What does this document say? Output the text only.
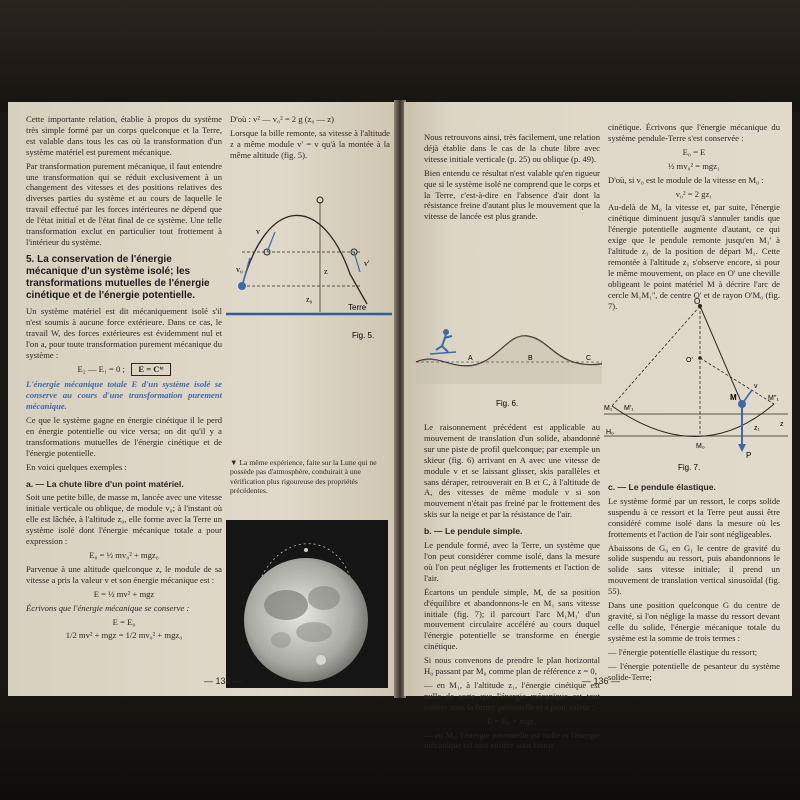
Cette importante relation, établie à propos du système très simple formé par un corps quelconque et la Terre, est valable dans tous les cas où la transformation d'un système matériel est purement mécanique.

Par transformation purement mécanique, il faut entendre une transformation qui se réduit exclusivement à un changement des vitesses et des positions relatives des diverses parties du système et au cours de laquelle le travail effectué par les forces intérieures ne dépend que de l'état initial et de l'état final de ce système. Une telle transformation exclut en particulier tout frottement à l'intérieur du système.

5. La conservation de l'énergie mécanique d'un système isolé; les transformations mutuelles de l'énergie cinétique et de l'énergie potentielle.

Un système matériel est dit mécaniquement isolé s'il n'est soumis à aucune force extérieure. Dans ce cas, le travail W, des forces extérieures est évidemment nul et l'on a, pour toute transformation purement mécanique du système :

E₂ — E₁ = 0 ; E = Cᵗᵉ

L'énergie mécanique totale E d'un système isolé se conserve au cours d'une transformation purement mécanique.

Ce que le système gagne en énergie cinétique il le perd en énergie potentielle ou vice versa; on dit qu'il y a transformations mutuelles de l'énergie cinétique et de l'énergie potentielle.

En voici quelques exemples :

a. — La chute libre d'un point matériel.

Soit une petite bille, de masse m, lancée avec une vitesse initiale verticale ou oblique, de module v₀; à l'instant où elle est lâchée, à l'altitude z₀, elle forme avec la Terre un système isolé dont l'énergie mécanique totale a pour expression :

E₀ = ½ mv₀² + mgz₀

Parvenue à une altitude quelconque z, le module de sa vitesse a pris la valeur v et son énergie mécanique est :

E = ½ mv² + mgz

Écrivons que l'énergie mécanique se conserve :

E = E₀

1/2 mv² + mgz = 1/2 mv₀² + mgz₀

D'où : v² — v₀² = 2 g (z₀ — z)

Lorsque la bille remonte, sa vitesse à l'altitude z a même module v' = v qu'à la montée à la même altitude (fig. 5).

v₀
v
v'
z
z₀
Terre
Fig. 5.
▼ La même expérience, faite sur la Lune qui ne possède pas d'atmosphère, conduirait à une vérification plus rigoureuse des propriétés précédentes.
— 134 —

Nous retrouvons ainsi, très facilement, une relation déjà établie dans le cas de la chute libre avec vitesse initiale verticale (p. 25) ou oblique (p. 49).

Bien entendu ce résultat n'est valable qu'en rigueur que si le système isolé ne comprend que le corps et la Terre, c'est-à-dire en l'absence d'air dont la résistance freine d'autant plus le mouvement que la vitesse de lancée est plus grande.

A	B	C
Fig. 6.

Le raisonnement précédent est applicable au mouvement de translation d'un solide, abandonné sur une piste de profil quelconque; par exemple un skieur (fig. 6) arrivant en A avec une vitesse de module v et se laissant glisser, skis parallèles et sans déraper, retrouverait en B et C, à l'altitude de A, des vitesses de même module v si son mouvement n'était pas freiné par le frottement des skis sur la neige et par la résistance de l'air.

b. — Le pendule simple.

Le pendule formé, avec la Terre, un système que l'on peut considérer comme isolé, dans la mesure où l'on peut négliger les frottements et l'action de l'air.

Écartons un pendule simple, M, de sa position d'équilibre et abandonnons-le en M₁ sans vitesse initiale (fig. 7); il parcourt l'arc M₁M₁' d'un mouvement circulaire accéléré au cours duquel l'énergie potentielle se transforme en énergie cinétique.

Si nous convenons de prendre le plan horizontal H₀ passant par M₀ comme plan de référence z = 0,

— en M₁, à l'altitude z₁, l'énergie cinétique est nulle de sorte que l'énergie mécanique est tout entière sous la forme potentielle et a pour valeur :

E = Eₚ = mgz₁

— en M₀, l'énergie potentielle est nulle et l'énergie mécanique est tout entière sous forme

cinétique. Écrivons que l'énergie mécanique du système pendule-Terre s'est conservée :

E₀ = E

½ mv₀² = mgz₁

D'où, si v₀ est le module de la vitesse en M₀ :

v₀² = 2 gz₁

Au-delà de M₀ la vitesse et, par suite, l'énergie cinétique diminuent jusqu'à s'annuler tandis que l'énergie potentielle augmente d'autant, ce qui exige que le pendule remonte jusqu'en M₁' à l'altitude z₁ de la position de départ M₁. Cette remontée à l'altitude z₁ s'observe encore, si pour le même mouvement, on place en O' une cheville obligeant le point matériel M à décrire l'arc de cercle M₁M₁'', de centre O' et de rayon O'M₀ (fig. 7).	O
O'
M
M₁ M'₁
M''₁
M₀
H₀
z
z₁
v
P
Fig. 7.
c. — Le pendule élastique.

Le système formé par un ressort, le corps solide suspendu à ce ressort et la Terre peut aussi être considéré comme isolé dans la mesure où les frottements et l'action de l'air sont négligeables.

Abaissons de G₀ en G₁ le centre de gravité du solide suspendu au ressort, puis abandonnons le solide sans vitesse initiale; il prend un mouvement de translation vertical sinusoïdal (fig. 55).

Dans une position quelconque G du centre de gravité, si l'on néglige la masse du ressort devant celle du solide, l'énergie mécanique totale du système est la somme de trois termes :

— l'énergie potentielle élastique du ressort;

— l'énergie potentielle de pesanteur du système solide-Terre;

— 136 —
